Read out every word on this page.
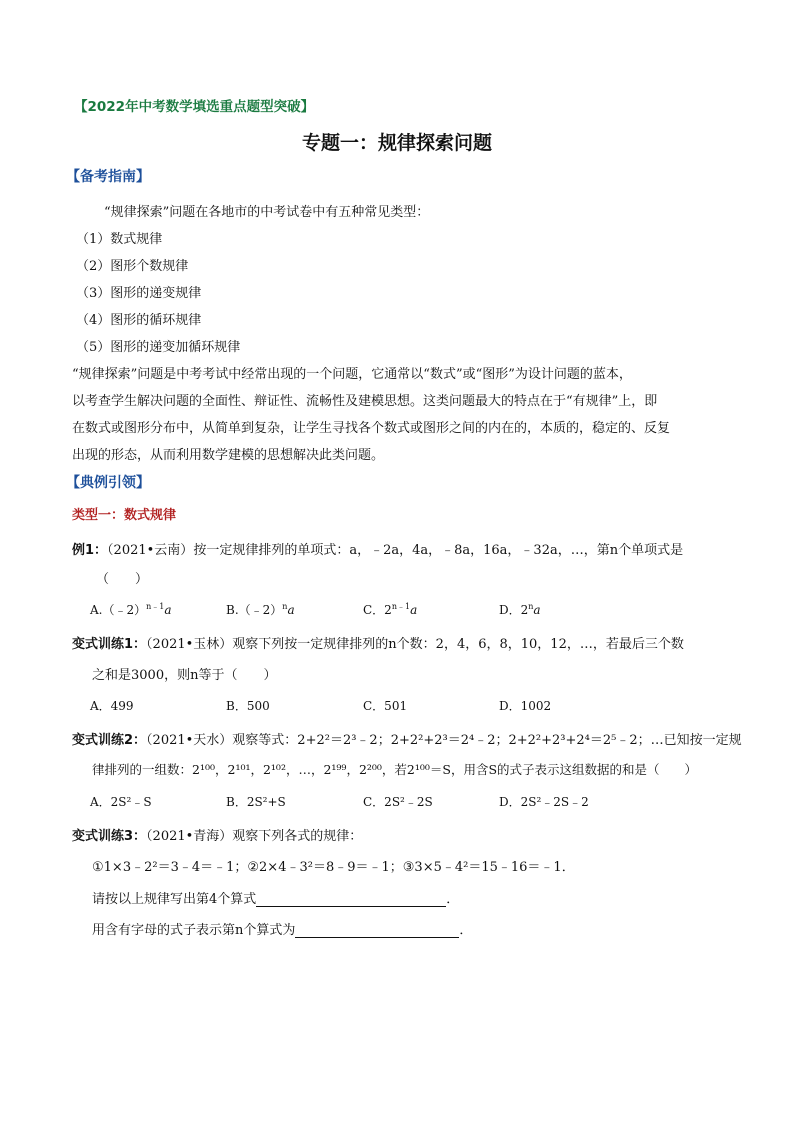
【2022年中考数学填选重点题型突破】
专题一：规律探索问题
【备考指南】
“规律探索”问题在各地市的中考试卷中有五种常见类型：
（1）数式规律
（2）图形个数规律
（3）图形的递变规律
（4）图形的循环规律
（5）图形的递变加循环规律
“规律探索”问题是中考考试中经常出现的一个问题，它通常以“数式”或“图形”为设计问题的蓝本，
以考查学生解决问题的全面性、辩证性、流畅性及建模思想。这类问题最大的特点在于“有规律”上，即
在数式或图形分布中，从简单到复杂，让学生寻找各个数式或图形之间的内在的，本质的，稳定的、反复
出现的形态，从而利用数学建模的思想解决此类问题。
【典例引领】
类型一：数式规律
例1：（2021•云南）按一定规律排列的单项式：a，﹣2a，4a，﹣8a，16a，﹣32a，…，第n个单项式是
（　　）
A.（﹣2）$^{n﹣1}$a	B.（﹣2）$^n$a	C．$2^{n﹣1}a$	D．2$^n$a
变式训练1：（2021•玉林）观察下列按一定规律排列的n个数：2，4，6，8，10，12，…，若最后三个数
之和是3000，则n等于（　　）
A．499	B．500	C．501	D．1002
变式训练2：（2021•天水）观察等式：2+2²＝2³﹣2；2+2²+2³＝2⁴﹣2；2+2²+2³+2⁴＝2⁵﹣2；…已知按一定规
律排列的一组数：2¹⁰⁰，2¹⁰¹，2¹⁰²，…，2¹⁹⁹，2²⁰⁰，若2¹⁰⁰＝S，用含S的式子表示这组数据的和是（　　）
A．2S²﹣S	B．2S²+S	C．2S²﹣2S	D．2S²﹣2S﹣2
变式训练3：（2021•青海）观察下列各式的规律：
①1×3﹣2²＝3﹣4＝﹣1；②2×4﹣3²＝8﹣9＝﹣1；③3×5﹣4²＝15﹣16＝﹣1．
请按以上规律写出第4个算式	．
用含有字母的式子表示第n个算式为	．
